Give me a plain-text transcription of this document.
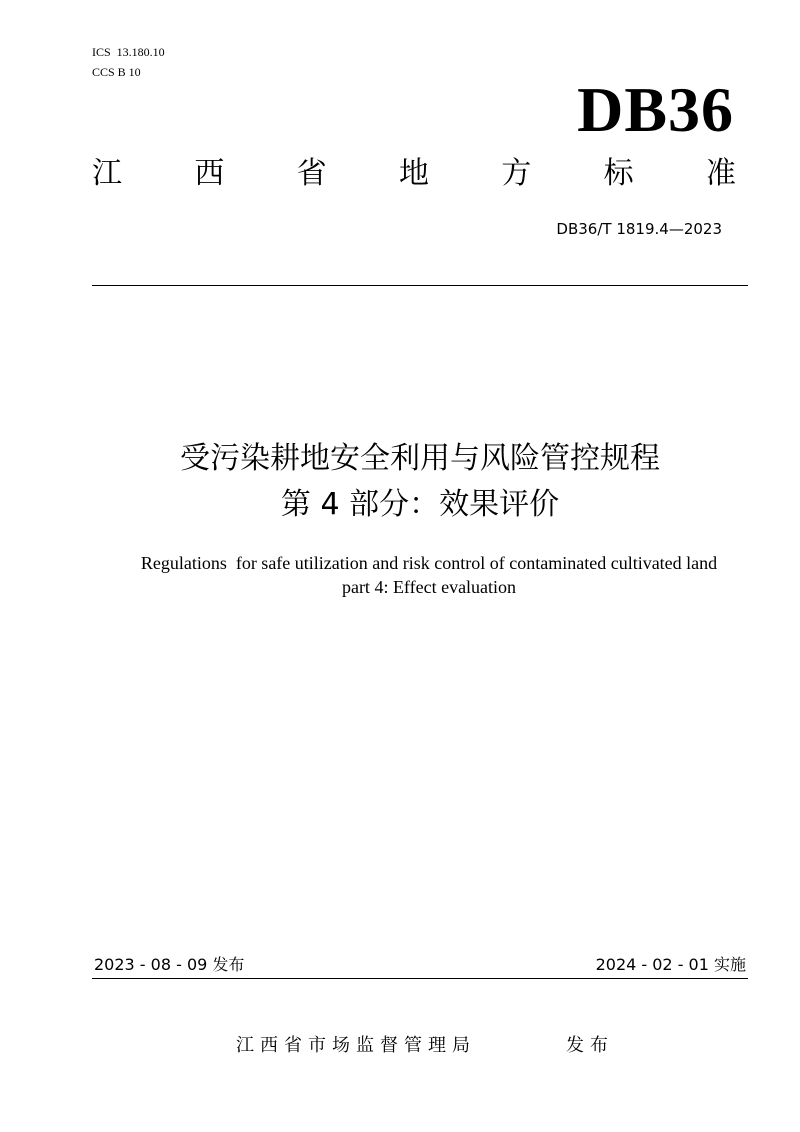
ICS  13.180.10
CCS B 10
DB36
江 西 省 地 方 标 准
DB36/T 1819.4—2023
受污染耕地安全利用与风险管控规程
第 4 部分：效果评价
Regulations  for safe utilization and risk control of contaminated cultivated land
part 4: Effect evaluation
2023 - 08 - 09 发布	2024 - 02 - 01 实施
江西省市场监督管理局	发布
